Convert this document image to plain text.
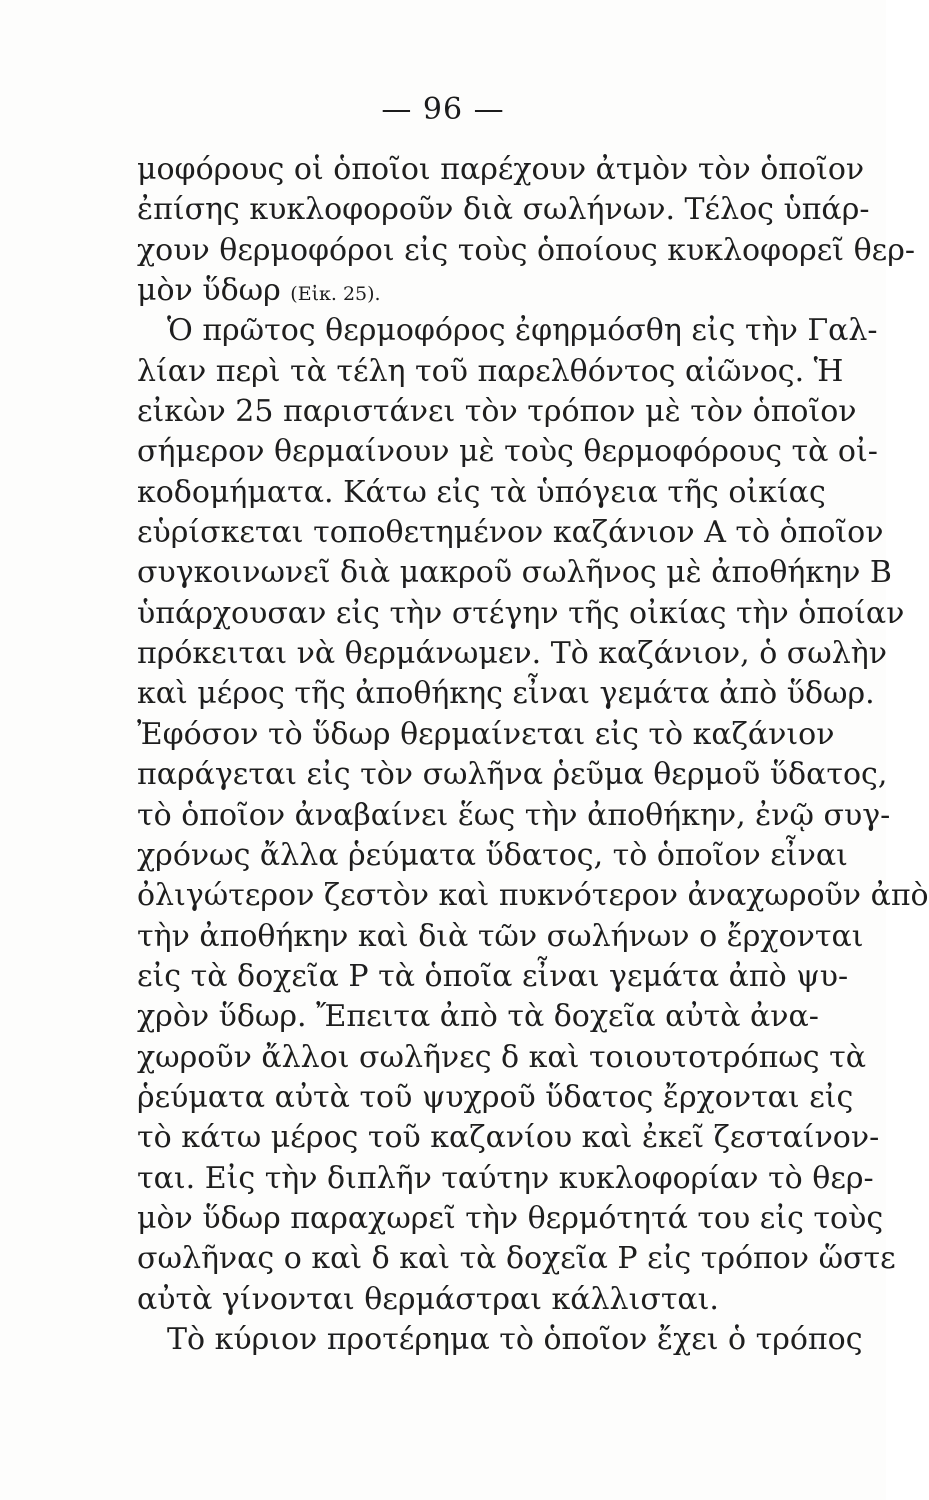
— 96 —
μοφόρους οἱ ὁποῖοι παρέχουν ἀτμὸν τὸν ὁποῖον
ἐπίσης κυκλοφοροῦν διὰ σωλήνων. Τέλος ὑπάρ-
χουν θερμοφόροι εἰς τοὺς ὁποίους κυκλοφορεῖ θερ-
μὸν ὕδωρ (Εἰκ. 25).
Ὁ πρῶτος θερμοφόρος ἐφηρμόσθη εἰς τὴν Γαλ-
λίαν περὶ τὰ τέλη τοῦ παρελθόντος αἰῶνος. Ἡ
εἰκὼν 25 παριστάνει τὸν τρόπον μὲ τὸν ὁποῖον
σήμερον θερμαίνουν μὲ τοὺς θερμοφόρους τὰ οἰ-
κοδομήματα. Κάτω εἰς τὰ ὑπόγεια τῆς οἰκίας
εὑρίσκεται τοποθετημένον καζάνιον Α τὸ ὁποῖον
συγκοινωνεῖ διὰ μακροῦ σωλῆνος μὲ ἀποθήκην Β
ὑπάρχουσαν εἰς τὴν στέγην τῆς οἰκίας τὴν ὁποίαν
πρόκειται νὰ θερμάνωμεν. Τὸ καζάνιον, ὁ σωλὴν
καὶ μέρος τῆς ἀποθήκης εἶναι γεμάτα ἀπὸ ὕδωρ.
Ἐφόσον τὸ ὕδωρ θερμαίνεται εἰς τὸ καζάνιον
παράγεται εἰς τὸν σωλῆνα ῥεῦμα θερμοῦ ὕδατος,
τὸ ὁποῖον ἀναβαίνει ἕως τὴν ἀποθήκην, ἐνῷ συγ-
χρόνως ἄλλα ῥεύματα ὕδατος, τὸ ὁποῖον εἶναι
ὀλιγώτερον ζεστὸν καὶ πυκνότερον ἀναχωροῦν ἀπὸ
τὴν ἀποθήκην καὶ διὰ τῶν σωλήνων ο ἔρχονται
εἰς τὰ δοχεῖα Ρ τὰ ὁποῖα εἶναι γεμάτα ἀπὸ ψυ-
χρὸν ὕδωρ. Ἔπειτα ἀπὸ τὰ δοχεῖα αὐτὰ ἀνα-
χωροῦν ἄλλοι σωλῆνες δ καὶ τοιουτοτρόπως τὰ
ῥεύματα αὐτὰ τοῦ ψυχροῦ ὕδατος ἔρχονται εἰς
τὸ κάτω μέρος τοῦ καζανίου καὶ ἐκεῖ ζεσταίνον-
ται. Εἰς τὴν διπλῆν ταύτην κυκλοφορίαν τὸ θερ-
μὸν ὕδωρ παραχωρεῖ τὴν θερμότητά του εἰς τοὺς
σωλῆνας ο καὶ δ καὶ τὰ δοχεῖα Ρ εἰς τρόπον ὥστε
αὐτὰ γίνονται θερμάστραι κάλλισται.
Τὸ κύριον προτέρημα τὸ ὁποῖον ἔχει ὁ τρόπος
